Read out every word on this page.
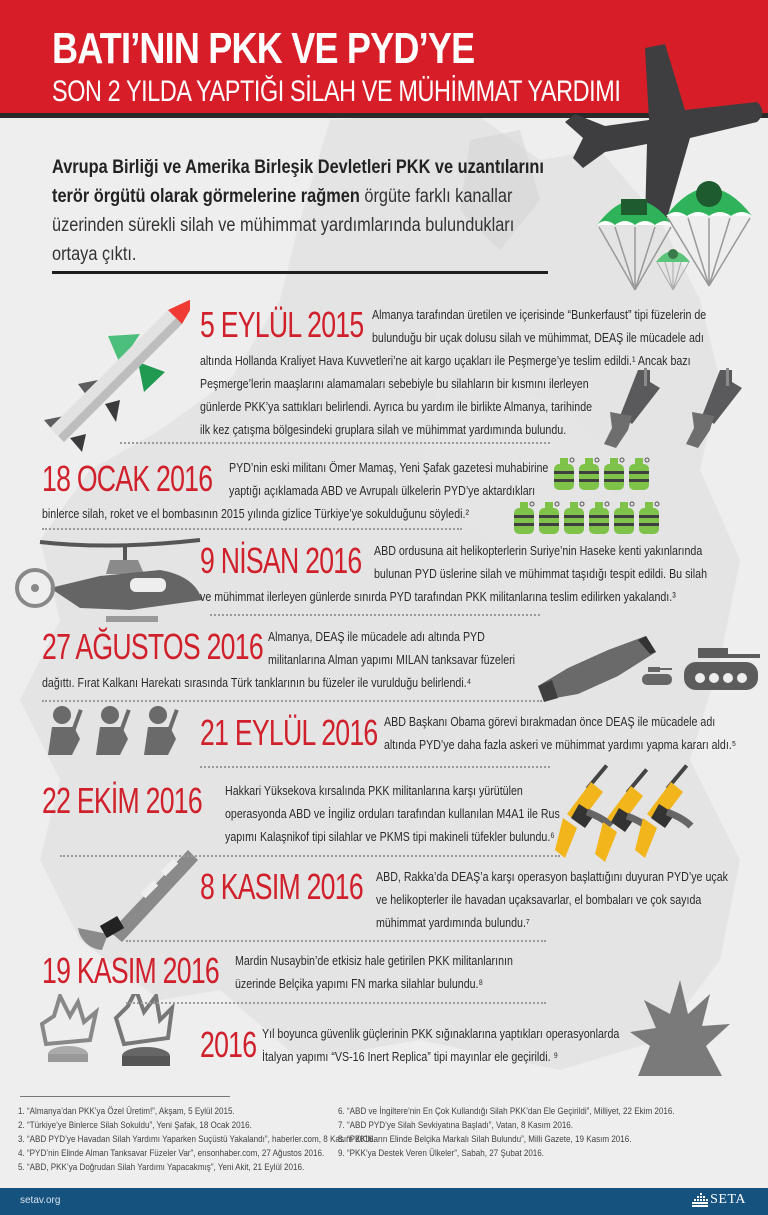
BATI’NIN PKK VE PYD’YE
SON 2 YILDA YAPTIĞI SİLAH VE MÜHİMMAT YARDIMI
Avrupa Birliği ve Amerika Birleşik Devletleri PKK ve uzantılarını terör örgütü olarak görmelerine rağmen örgüte farklı kanallar üzerinden sürekli silah ve mühimmat yardımlarında bulundukları ortaya çıktı.
5 EYLÜL 2015 Almanya tarafından üretilen ve içerisinde “Bunkerfaust” tipi füzelerin de
bulunduğu bir uçak dolusu silah ve mühimmat, DEAŞ ile mücadele adı
altında Hollanda Kraliyet Hava Kuvvetleri’ne ait kargo uçakları ile Peşmerge’ye teslim edildi.¹ Ancak bazı
Peşmerge’lerin maaşlarını alamamaları sebebiyle bu silahların bir kısmını ilerleyen
günlerde PKK’ya sattıkları belirlendi. Ayrıca bu yardım ile birlikte Almanya, tarihinde
ilk kez çatışma bölgesindeki gruplara silah ve mühimmat yardımında bulundu.
18 OCAK 2016 PYD’nin eski militanı Ömer Mamaş, Yeni Şafak gazetesi muhabirine
yaptığı açıklamada ABD ve Avrupalı ülkelerin PYD’ye aktardıkları
binlerce silah, roket ve el bombasının 2015 yılında gizlice Türkiye’ye sokulduğunu söyledi.²
9 NİSAN 2016 ABD ordusuna ait helikopterlerin Suriye’nin Haseke kenti yakınlarında
bulunan PYD üslerine silah ve mühimmat taşıdığı tespit edildi. Bu silah
ve mühimmat ilerleyen günlerde sınırda PYD tarafından PKK militanlarına teslim edilirken yakalandı.³
27 AĞUSTOS 2016 Almanya, DEAŞ ile mücadele adı altında PYD
militanlarına Alman yapımı MILAN tanksavar füzeleri
dağıttı. Fırat Kalkanı Harekatı sırasında Türk tanklarının bu füzeler ile vurulduğu belirlendi.⁴
21 EYLÜL 2016 ABD Başkanı Obama görevi bırakmadan önce DEAŞ ile mücadele adı
altında PYD’ye daha fazla askeri ve mühimmat yardımı yapma kararı aldı.⁵
22 EKİM 2016 Hakkari Yüksekova kırsalında PKK militanlarına karşı yürütülen
operasyonda ABD ve İngiliz orduları tarafından kullanılan M4A1 ile Rus
yapımı Kalaşnikof tipi silahlar ve PKMS tipi makineli tüfekler bulundu.⁶
8 KASIM 2016 ABD, Rakka’da DEAŞ’a karşı operasyon başlattığını duyuran PYD’ye uçak
ve helikopterler ile havadan uçaksavarlar, el bombaları ve çok sayıda
mühimmat yardımında bulundu.⁷
19 KASIM 2016 Mardin Nusaybin’de etkisiz hale getirilen PKK militanlarının
üzerinde Belçika yapımı FN marka silahlar bulundu.⁸
2016 Yıl boyunca güvenlik güçlerinin PKK sığınaklarına yaptıkları operasyonlarda
İtalyan yapımı “VS-16 Inert Replica” tipi mayınlar ele geçirildi. ⁹
1. “Almanya’dan PKK’ya Özel Üretim!”, Akşam, 5 Eylül 2015.
2. “Türkiye’ye Binlerce Silah Sokuldu”, Yeni Şafak, 18 Ocak 2016.
3. “ABD PYD’ye Havadan Silah Yardımı Yaparken Suçüstü Yakalandı”, haberler.com, 8 Kasım 2016.
4. “PYD’nin Elinde Alman Tanksavar Füzeler Var”, ensonhaber.com, 27 Ağustos 2016.
5. “ABD, PKK’ya Doğrudan Silah Yardımı Yapacakmış”, Yeni Akit, 21 Eylül 2016.
6. “ABD ve İngiltere’nin En Çok Kullandığı Silah PKK’dan Ele Geçirildi”, Milliyet, 22 Ekim 2016.
7. “ABD PYD’ye Silah Sevkiyatına Başladı”, Vatan, 8 Kasım 2016.
8. “PKK’lıların Elinde Belçika Markalı Silah Bulundu”, Milli Gazete, 19 Kasım 2016.
9. “PKK’ya Destek Veren Ülkeler”, Sabah, 27 Şubat 2016.
setav.org	SETA
